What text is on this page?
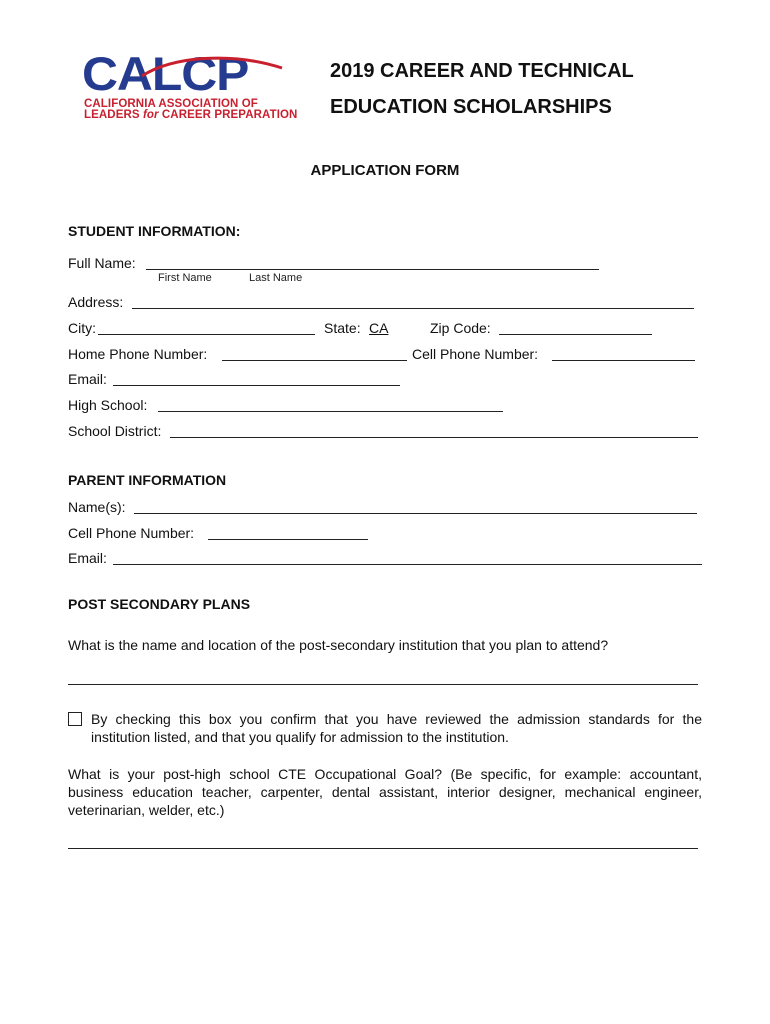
CALCP
CALIFORNIA ASSOCIATION OF
LEADERS for CAREER PREPARATION
2019 CAREER AND TECHNICAL
EDUCATION SCHOLARSHIPS
APPLICATION FORM
STUDENT INFORMATION:
Full Name:
First Name	Last Name
Address:
City:	State: CA	Zip Code:
Home Phone Number:	Cell Phone Number:
Email:
High School:
School District:
PARENT INFORMATION
Name(s):
Cell Phone Number:
Email:
POST SECONDARY PLANS
What is the name and location of the post-secondary institution that you plan to attend?
By checking this box you confirm that you have reviewed the admission standards for the institution listed, and that you qualify for admission to the institution.
What is your post-high school CTE Occupational Goal? (Be specific, for example: accountant, business education teacher, carpenter, dental assistant, interior designer, mechanical engineer, veterinarian, welder, etc.)
